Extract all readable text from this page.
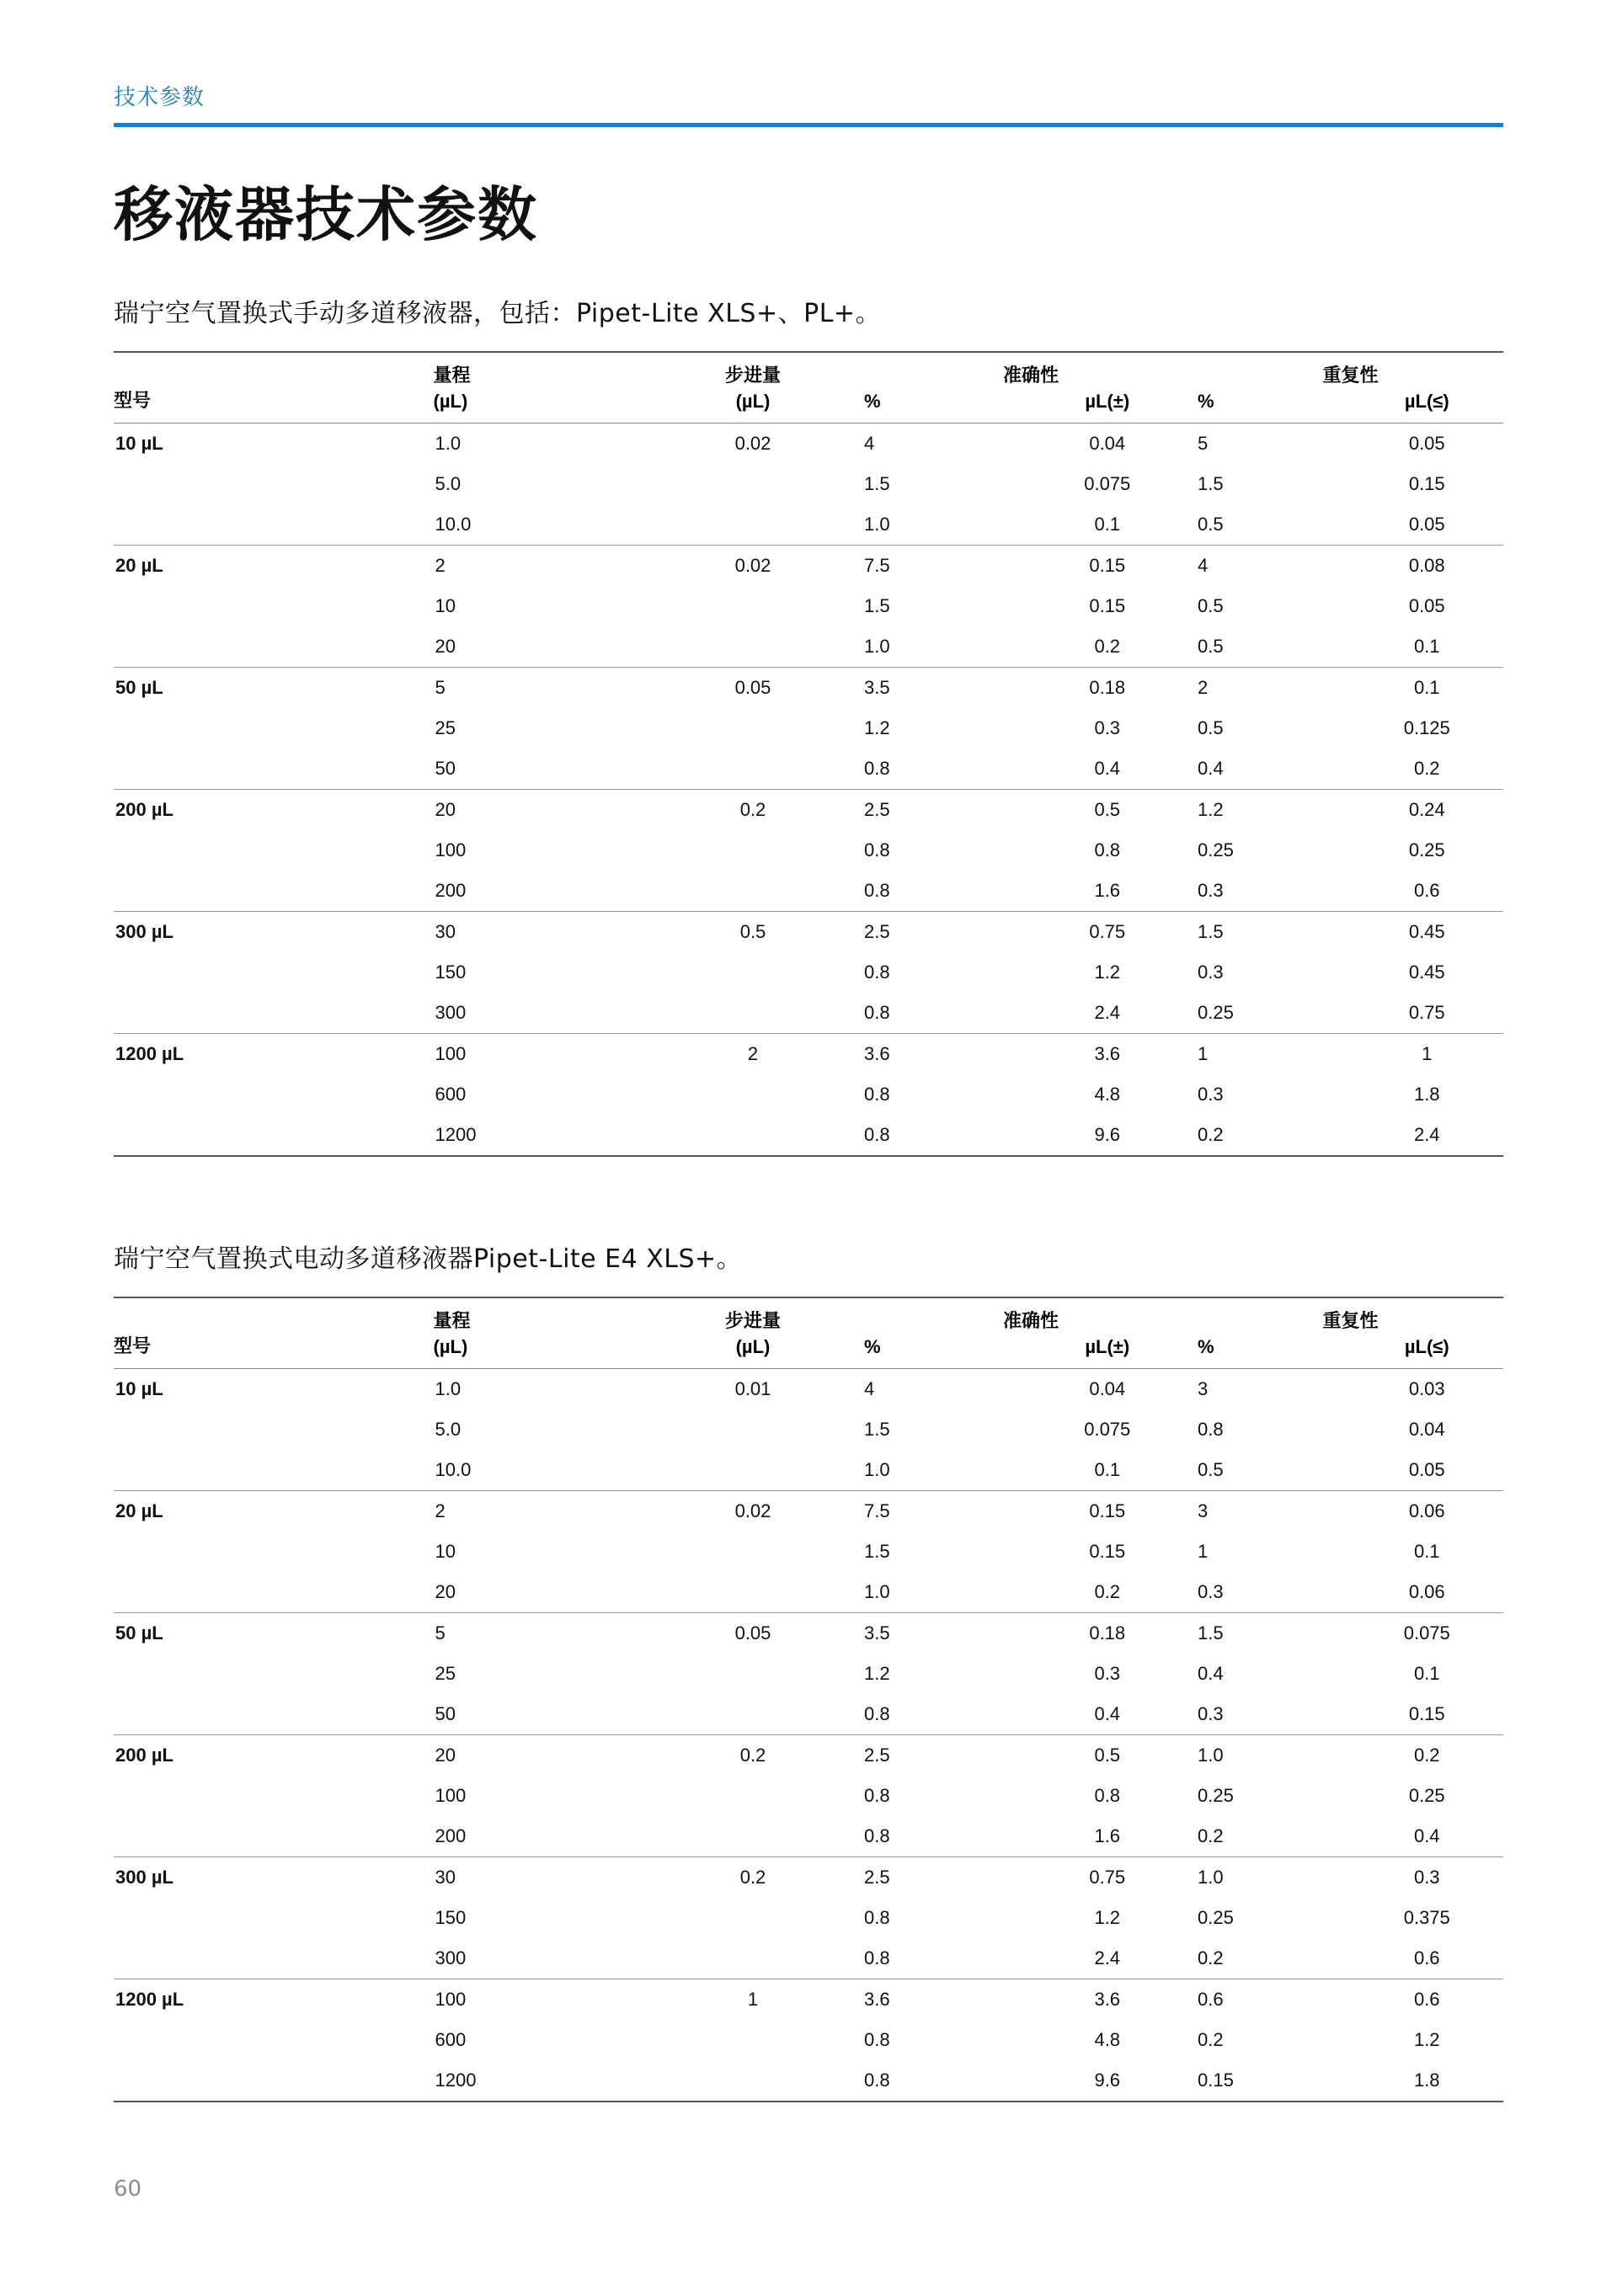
技术参数
移液器技术参数
瑞宁空气置换式手动多道移液器，包括：Pipet-Lite XLS+、PL+。
型号	量程	步进量	准确性		重复性	
	(µL)	(µL)	%	µL(±)	%	µL(≤)
10 µL	1.0	0.02	4	0.04	5	0.05
	5.0		1.5	0.075	1.5	0.15
	10.0		1.0	0.1	0.5	0.05
20 µL	2	0.02	7.5	0.15	4	0.08
	10		1.5	0.15	0.5	0.05
	20		1.0	0.2	0.5	0.1
50 µL	5	0.05	3.5	0.18	2	0.1
	25		1.2	0.3	0.5	0.125
	50		0.8	0.4	0.4	0.2
200 µL	20	0.2	2.5	0.5	1.2	0.24
	100		0.8	0.8	0.25	0.25
	200		0.8	1.6	0.3	0.6
300 µL	30	0.5	2.5	0.75	1.5	0.45
	150		0.8	1.2	0.3	0.45
	300		0.8	2.4	0.25	0.75
1200 µL	100	2	3.6	3.6	1	1
	600		0.8	4.8	0.3	1.8
	1200		0.8	9.6	0.2	2.4
瑞宁空气置换式电动多道移液器Pipet-Lite E4 XLS+。
型号	量程	步进量	准确性		重复性	
	(µL)	(µL)	%	µL(±)	%	µL(≤)
10 µL	1.0	0.01	4	0.04	3	0.03
	5.0		1.5	0.075	0.8	0.04
	10.0		1.0	0.1	0.5	0.05
20 µL	2	0.02	7.5	0.15	3	0.06
	10		1.5	0.15	1	0.1
	20		1.0	0.2	0.3	0.06
50 µL	5	0.05	3.5	0.18	1.5	0.075
	25		1.2	0.3	0.4	0.1
	50		0.8	0.4	0.3	0.15
200 µL	20	0.2	2.5	0.5	1.0	0.2
	100		0.8	0.8	0.25	0.25
	200		0.8	1.6	0.2	0.4
300 µL	30	0.2	2.5	0.75	1.0	0.3
	150		0.8	1.2	0.25	0.375
	300		0.8	2.4	0.2	0.6
1200 µL	100	1	3.6	3.6	0.6	0.6
	600		0.8	4.8	0.2	1.2
	1200		0.8	9.6	0.15	1.8
60
